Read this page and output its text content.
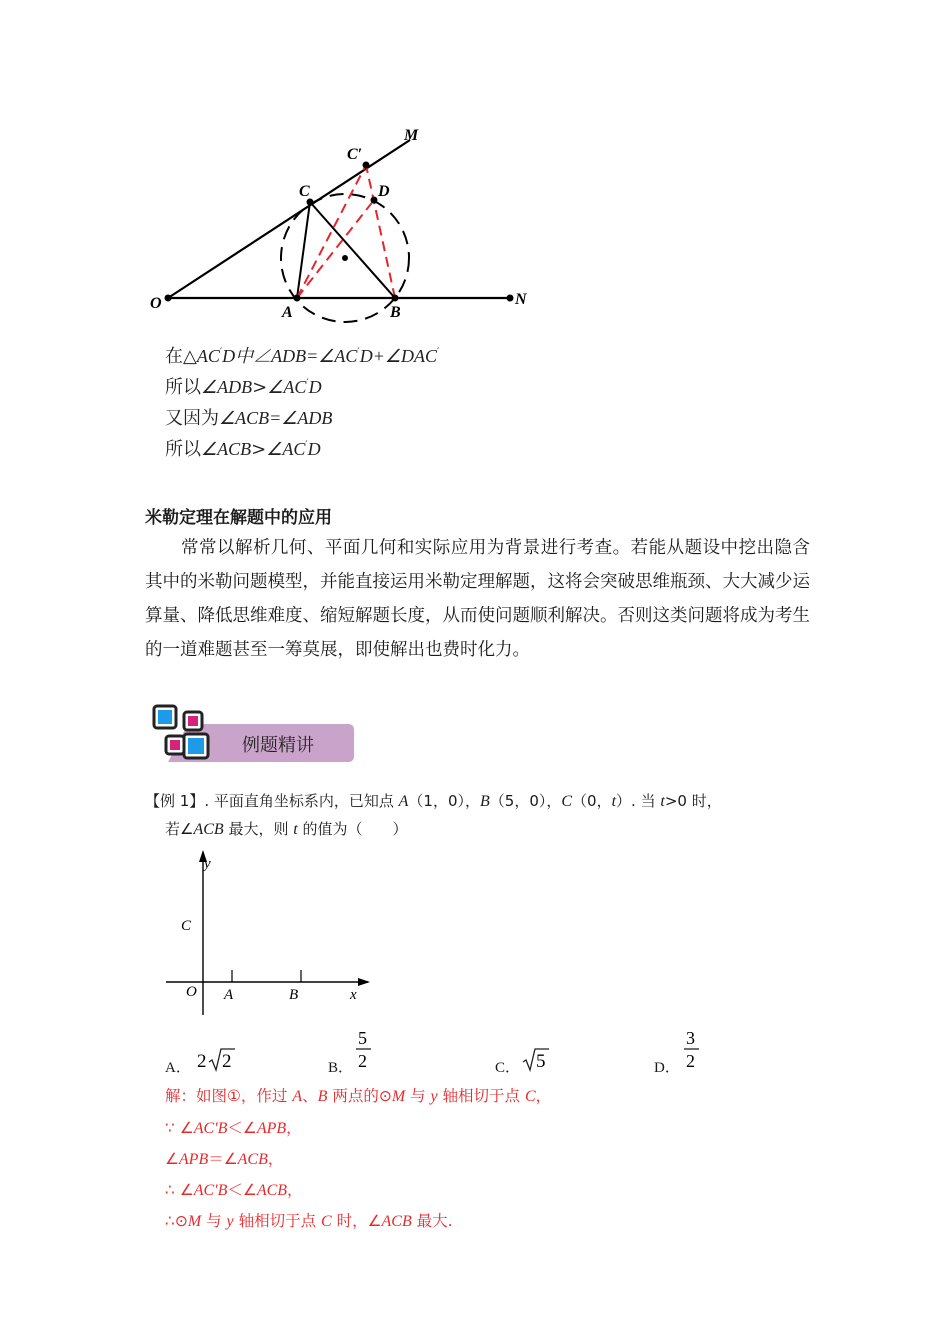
M
C′
C	D
O
A	B
N
在△AC′D中∠ADB=∠AC′D+∠DAC′
所以∠ADB>∠AC′D
又因为∠ACB=∠ADB
所以∠ACB>∠AC′D
米勒定理在解题中的应用
常常以解析几何、平面几何和实际应用为背景进行考查。若能从题设中挖出隐含其中的米勒问题模型，并能直接运用米勒定理解题，这将会突破思维瓶颈、大大减少运算量、降低思维难度、缩短解题长度，从而使问题顺利解决。否则这类问题将成为考生的一道难题甚至一筹莫展，即使解出也费时化力。
例题精讲
【例 1】. 平面直角坐标系内，已知点 A（1，0），B（5，0），C（0，t）. 当 t>0 时，
若∠ACB 最大，则 t 的值为（　　）
y
C
O A	B	x
A． 2 2	B．
5
2	C． 5	D．
3
2
解：如图①，作过 A、B 两点的⊙M 与 y 轴相切于点 C，
∵ ∠AC′B＜∠APB，
∠APB＝∠ACB，
∴ ∠AC′B＜∠ACB，
∴⊙M 与 y 轴相切于点 C 时，∠ACB 最大.
